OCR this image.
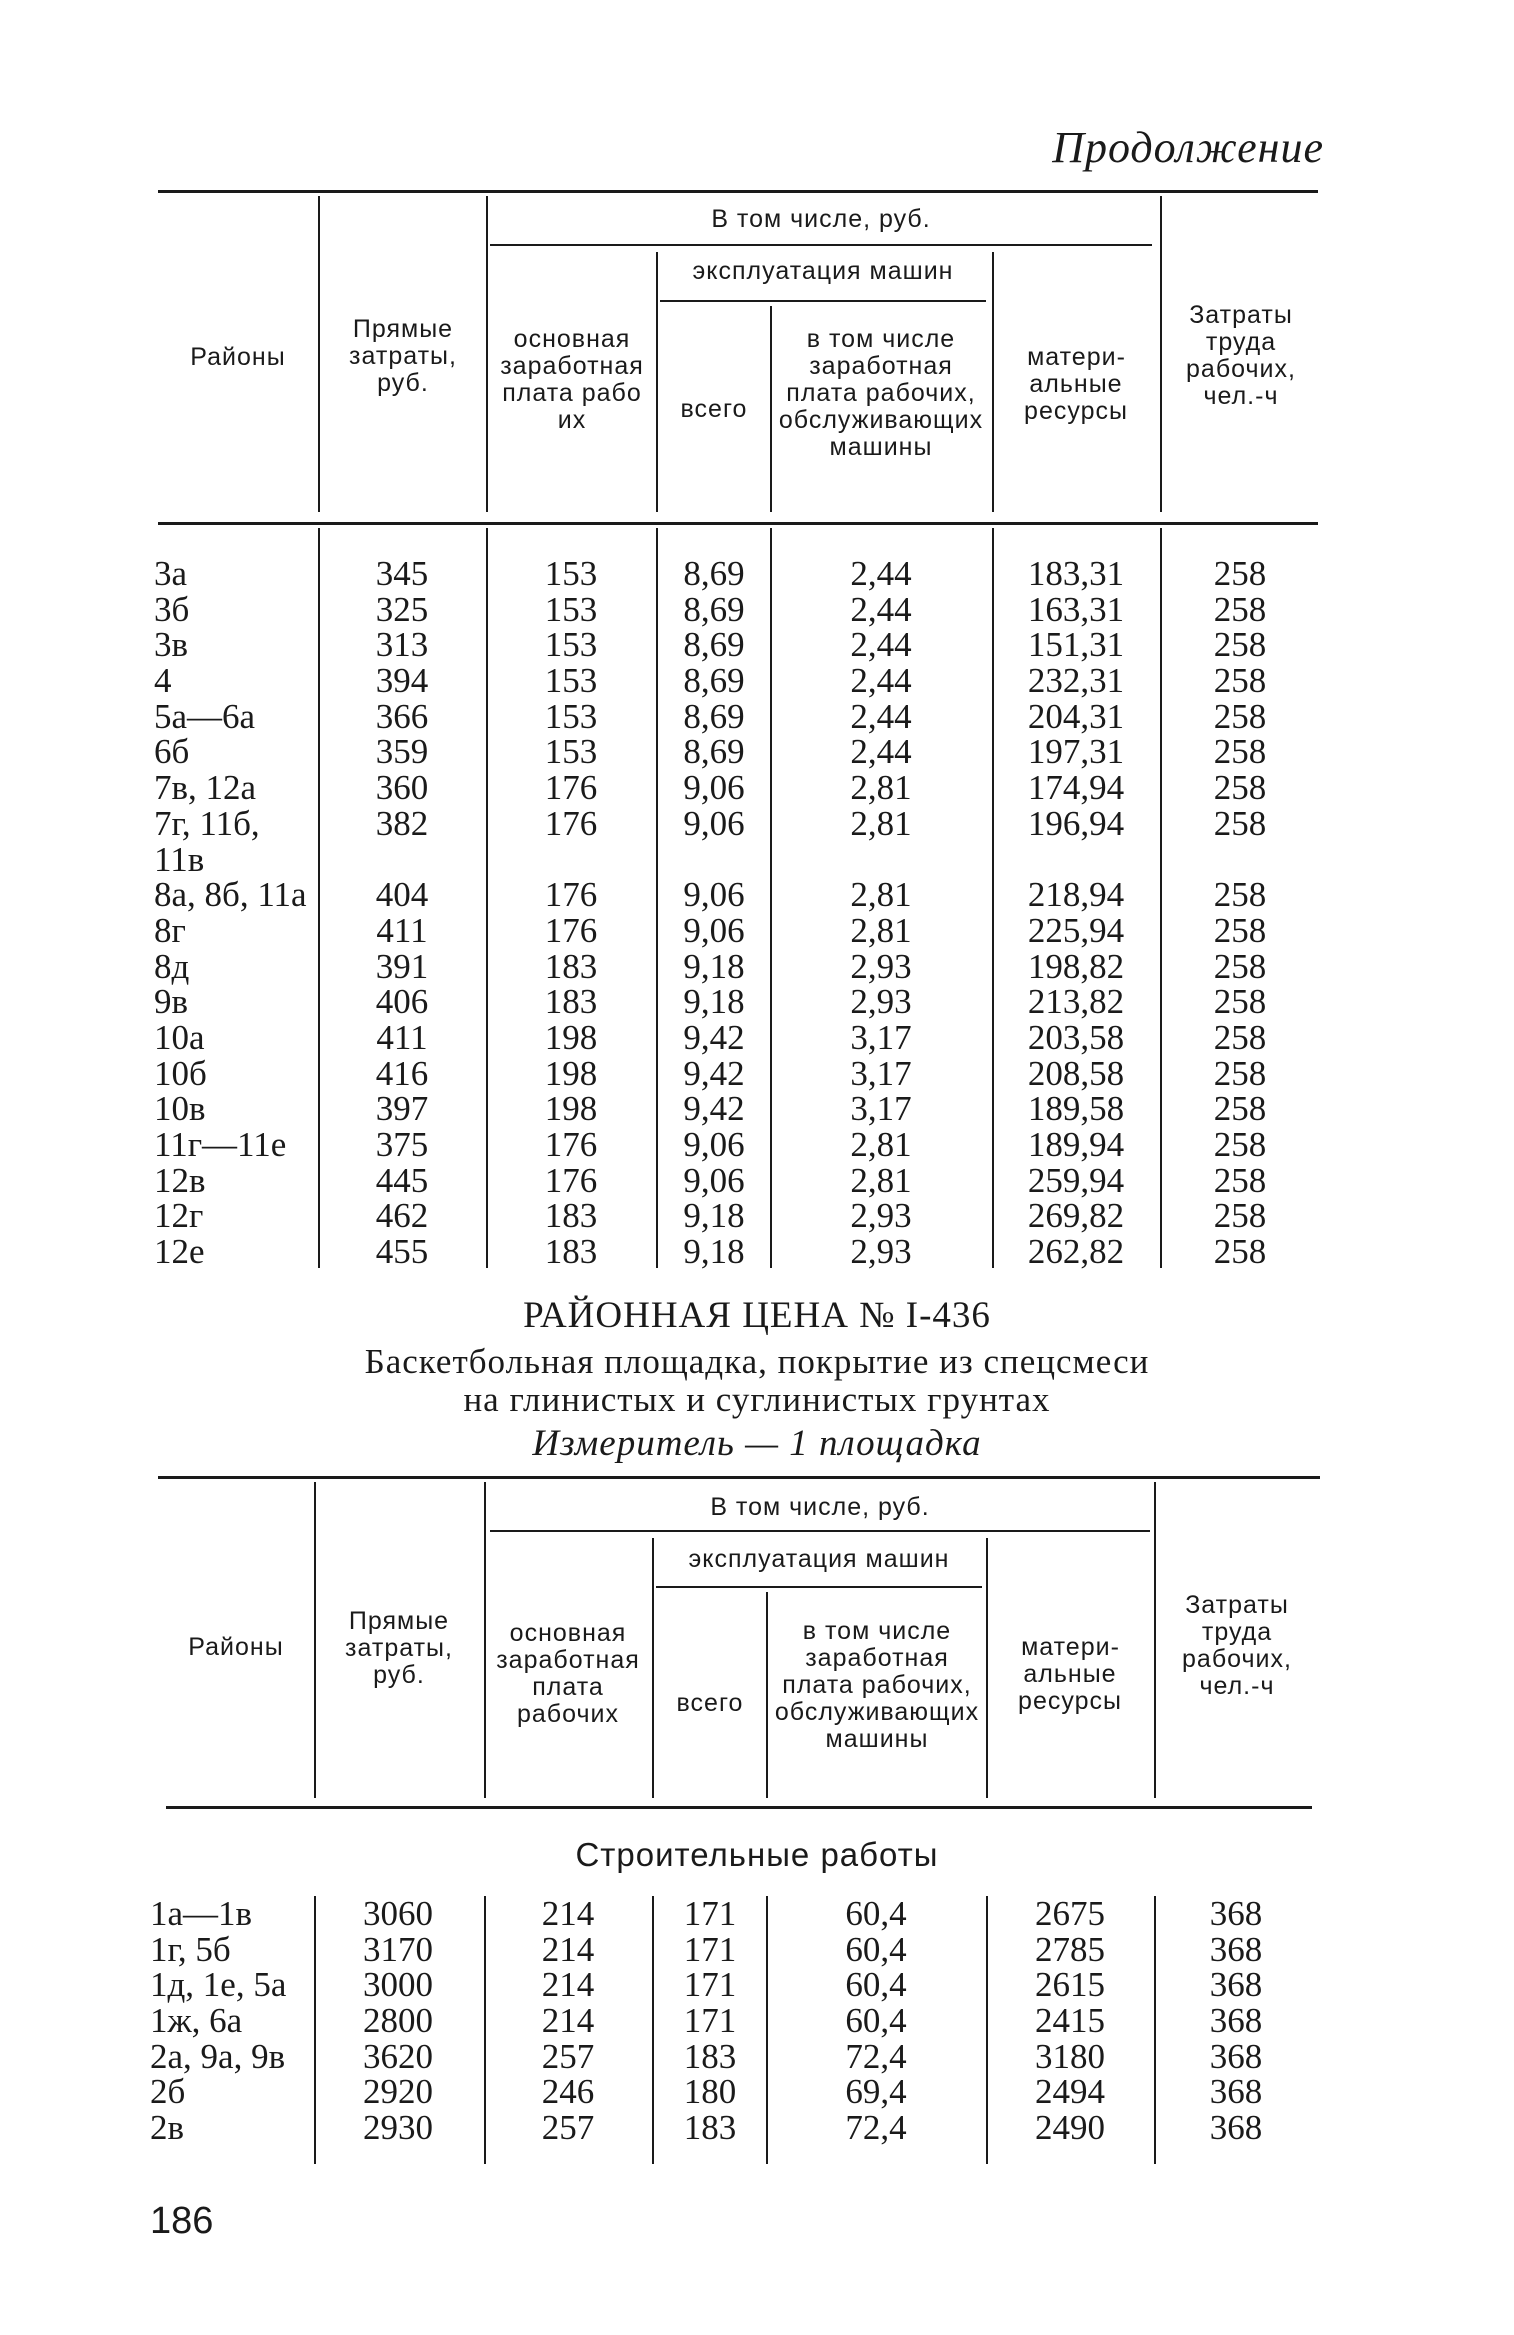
Продолжение
Районы
Прямые затраты, руб.
В том числе, руб.
основная заработная плата рабо их
эксплуатация машин
всего
в том числе заработная плата рабочих, обслуживающих машины
материальные ресурсы
Затраты труда рабочих, чел.-ч
3а
3б
3в
4
5а—6а
6б
7в, 12а
7г, 11б,
11в
8а, 8б, 11а
8г
8д
9в
10а
10б
10в
11г—11е
12в
12г
12е
345
325
313
394
366
359
360
382
404
411
391
406
411
416
397
375
445
462
455
153
153
153
153
153
153
176
176
176
176
183
183
198
198
198
176
176
183
183
8,69
8,69
8,69
8,69
8,69
8,69
9,06
9,06
9,06
9,06
9,18
9,18
9,42
9,42
9,42
9,06
9,06
9,18
9,18
2,44
2,44
2,44
2,44
2,44
2,44
2,81
2,81
2,81
2,81
2,93
2,93
3,17
3,17
3,17
2,81
2,81
2,93
2,93
183,31
163,31
151,31
232,31
204,31
197,31
174,94
196,94
218,94
225,94
198,82
213,82
203,58
208,58
189,58
189,94
259,94
269,82
262,82
258
258
258
258
258
258
258
258
258
258
258
258
258
258
258
258
258
258
258
РАЙОННАЯ ЦЕНА № I-436
Баскетбольная площадка, покрытие из спецсмеси
на глинистых и суглинистых грунтах
Измеритель — 1 площадка
Районы
Прямые затраты, руб.
В том числе, руб.
основная заработная плата рабочих
эксплуатация машин
всего
в том числе заработная плата рабочих, обслуживающих машины
материальные ресурсы
Затраты труда рабочих, чел.-ч
Строительные работы
1а—1в
1г, 5б
1д, 1е, 5а
1ж, 6а
2а, 9а, 9в
2б
2в
3060
3170
3000
2800
3620
2920
2930
214
214
214
214
257
246
257
171
171
171
171
183
180
183
60,4
60,4
60,4
60,4
72,4
69,4
72,4
2675
2785
2615
2415
3180
2494
2490
368
368
368
368
368
368
368
186
